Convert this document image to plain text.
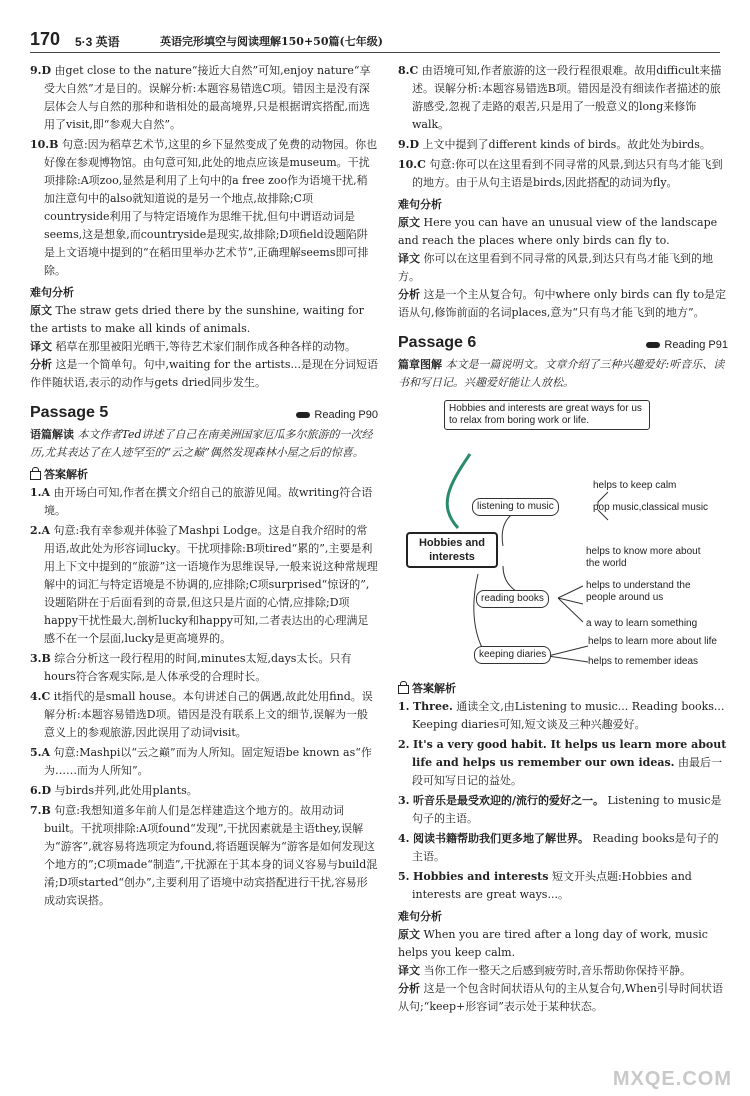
170 5·3 英语	英语完形填空与阅读理解150+50篇(七年级)

9.D 由get close to the nature“接近大自然”可知,enjoy nature“享受大自然”才是目的。误解分析:本题容易错选C项。错因主是没有深层体会人与自然的那种和谐相处的最高境界,只是根据谓宾搭配,而选用了visit,即“参观大自然”。

10.B 句意:因为稻草艺术节,这里的乡下显然变成了免费的动物园。你也好像在参观博物馆。由句意可知,此处的地点应该是museum。干扰项排除:A项zoo,显然是利用了上句中的a free zoo作为语境干扰,稍加注意句中的also就知道说的是另一个地点,故排除;C项countryside利用了与特定语境作为思维干扰,但句中谓语动词是seems,这是想象,而countryside是现实,故排除;D项field设题陷阱是上文语境中提到的“在稻田里举办艺术节”,正确理解seems即可排除。

难句分析

原文 The straw gets dried there by the sunshine, waiting for the artists to make all kinds of animals.

译文 稻草在那里被阳光晒干,等待艺术家们制作成各种各样的动物。

分析 这是一个简单句。句中,waiting for the artists...是现在分词短语作伴随状语,表示的动作与gets dried同步发生。

Passage 5	Reading P90

语篇解读 本文作者Ted讲述了自己在南美洲国家厄瓜多尔旅游的一次经历,尤其表达了在人迹罕至的“云之巅”偶然发现森林小屋之后的惊喜。

答案解析

1.A 由开场白可知,作者在撰文介绍自己的旅游见闻。故writing符合语境。

2.A 句意:我有幸参观并体验了Mashpi Lodge。这是自我介绍时的常用语,故此处为形容词lucky。干扰项排除:B项tired“累的”,主要是利用上下文中提到的“旅游”这一语境作为思维误导,一般来说这种常规理解中的词汇与特定语境是不协调的,应排除;C项surprised“惊讶的”,设题陷阱在于后面看到的奇景,但这只是片面的心情,应排除;D项happy干扰性最大,剖析lucky和happy可知,二者表达出的心理满足感不在一个层面,lucky是更高境界的。

3.B 综合分析这一段行程用的时间,minutes太短,days太长。只有hours符合客观实际,是人体承受的合理时长。

4.C it指代的是small house。本句讲述自己的偶遇,故此处用find。误解分析:本题容易错选D项。错因是没有联系上文的细节,误解为一般意义上的参观旅游,因此误用了动词visit。

5.A 句意:Mashpi以“云之巅”而为人所知。固定短语be known as“作为……而为人所知”。

6.D 与birds并列,此处用plants。

7.B 句意:我想知道多年前人们是怎样建造这个地方的。故用动词built。干扰项排除:A项found“发现”,干扰因素就是主语they,误解为“游客”,就容易将选项定为found,将语题误解为“游客是如何发现这个地方的”;C项made“制造”,干扰源在于其本身的词义容易与build混淆;D项started“创办”,主要利用了语境中动宾搭配进行干扰,容易形成动宾误搭。

8.C 由语境可知,作者旅游的这一段行程很艰难。故用difficult来描述。误解分析:本题容易错选B项。错因是没有细读作者描述的旅游感受,忽视了走路的艰苦,只是用了一般意义的long来修饰walk。

9.D 上文中提到了different kinds of birds。故此处为birds。

10.C 句意:你可以在这里看到不同寻常的风景,到达只有鸟才能飞到的地方。由于从句主语是birds,因此搭配的动词为fly。

难句分析

原文 Here you can have an unusual view of the landscape and reach the places where only birds can fly to.

译文 你可以在这里看到不同寻常的风景,到达只有鸟才能飞到的地方。

分析 这是一个主从复合句。句中where only birds can fly to是定语从句,修饰前面的名词places,意为“只有鸟才能飞到的地方”。

Passage 6	Reading P91

篇章图解 本文是一篇说明文。文章介绍了三种兴趣爱好:听音乐、读书和写日记。兴趣爱好能让人放松。

Hobbies and interests are great ways for us to relax from boring work or life.
Hobbies and interests
listening to music
helps to keep calm
pop music,classical music
reading books
helps to know more about the world
helps to understand the people around us
a way to learn something
keeping diaries
helps to learn more about life
helps to remember ideas

答案解析

1. Three. 通读全文,由Listening to music... Reading books... Keeping diaries可知,短文谈及三种兴趣爱好。

2. It's a very good habit. It helps us learn more about life and helps us remember our own ideas. 由最后一段可知写日记的益处。

3. 听音乐是最受欢迎的/流行的爱好之一。 Listening to music是句子的主语。

4. 阅读书籍帮助我们更多地了解世界。 Reading books是句子的主语。

5. Hobbies and interests 短文开头点题:Hobbies and interests are great ways...。

难句分析

原文 When you are tired after a long day of work, music helps you keep calm.

译文 当你工作一整天之后感到疲劳时,音乐帮助你保持平静。

分析 这是一个包含时间状语从句的主从复合句,When引导时间状语从句;“keep+形容词”表示处于某种状态。

MXQE.COM
